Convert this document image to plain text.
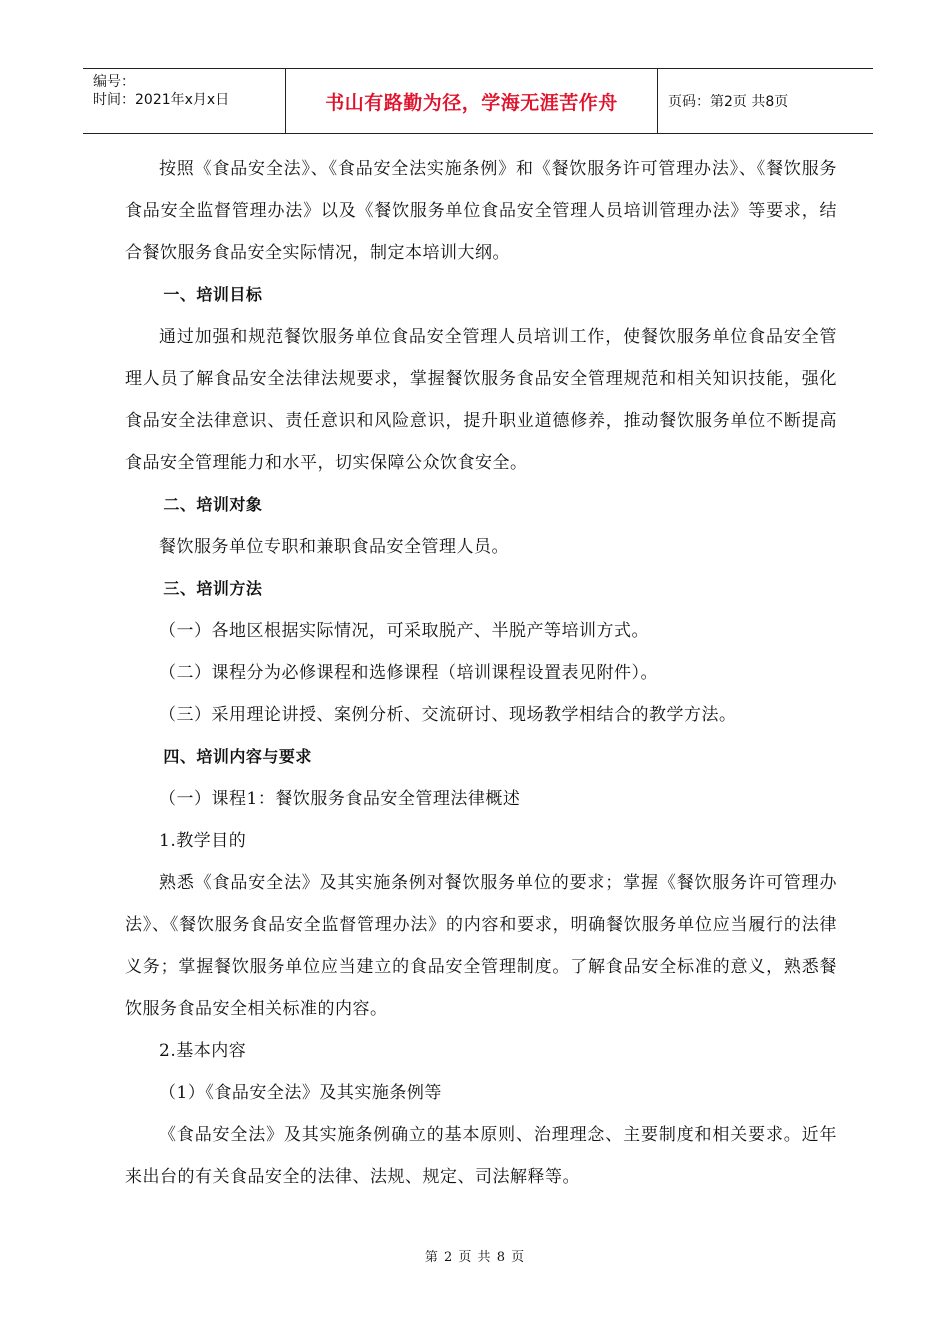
编号：
时间：2021年x月x日	书山有路勤为径，学海无涯苦作舟	页码：第2页 共8页

按照《食品安全法》、《食品安全法实施条例》和《餐饮服务许可管理办法》、《餐饮服务食品安全监督管理办法》以及《餐饮服务单位食品安全管理人员培训管理办法》等要求，结合餐饮服务食品安全实际情况，制定本培训大纲。

一、培训目标

通过加强和规范餐饮服务单位食品安全管理人员培训工作，使餐饮服务单位食品安全管理人员了解食品安全法律法规要求，掌握餐饮服务食品安全管理规范和相关知识技能，强化食品安全法律意识、责任意识和风险意识，提升职业道德修养，推动餐饮服务单位不断提高食品安全管理能力和水平，切实保障公众饮食安全。

二、培训对象

餐饮服务单位专职和兼职食品安全管理人员。

三、培训方法

（一）各地区根据实际情况，可采取脱产、半脱产等培训方式。

（二）课程分为必修课程和选修课程（培训课程设置表见附件）。

（三）采用理论讲授、案例分析、交流研讨、现场教学相结合的教学方法。

四、培训内容与要求

（一）课程1：餐饮服务食品安全管理法律概述

1.教学目的

熟悉《食品安全法》及其实施条例对餐饮服务单位的要求；掌握《餐饮服务许可管理办法》、《餐饮服务食品安全监督管理办法》的内容和要求，明确餐饮服务单位应当履行的法律义务；掌握餐饮服务单位应当建立的食品安全管理制度。了解食品安全标准的意义，熟悉餐饮服务食品安全相关标准的内容。

2.基本内容

（1）《食品安全法》及其实施条例等

《食品安全法》及其实施条例确立的基本原则、治理理念、主要制度和相关要求。近年来出台的有关食品安全的法律、法规、规定、司法解释等。

第 2 页 共 8 页
